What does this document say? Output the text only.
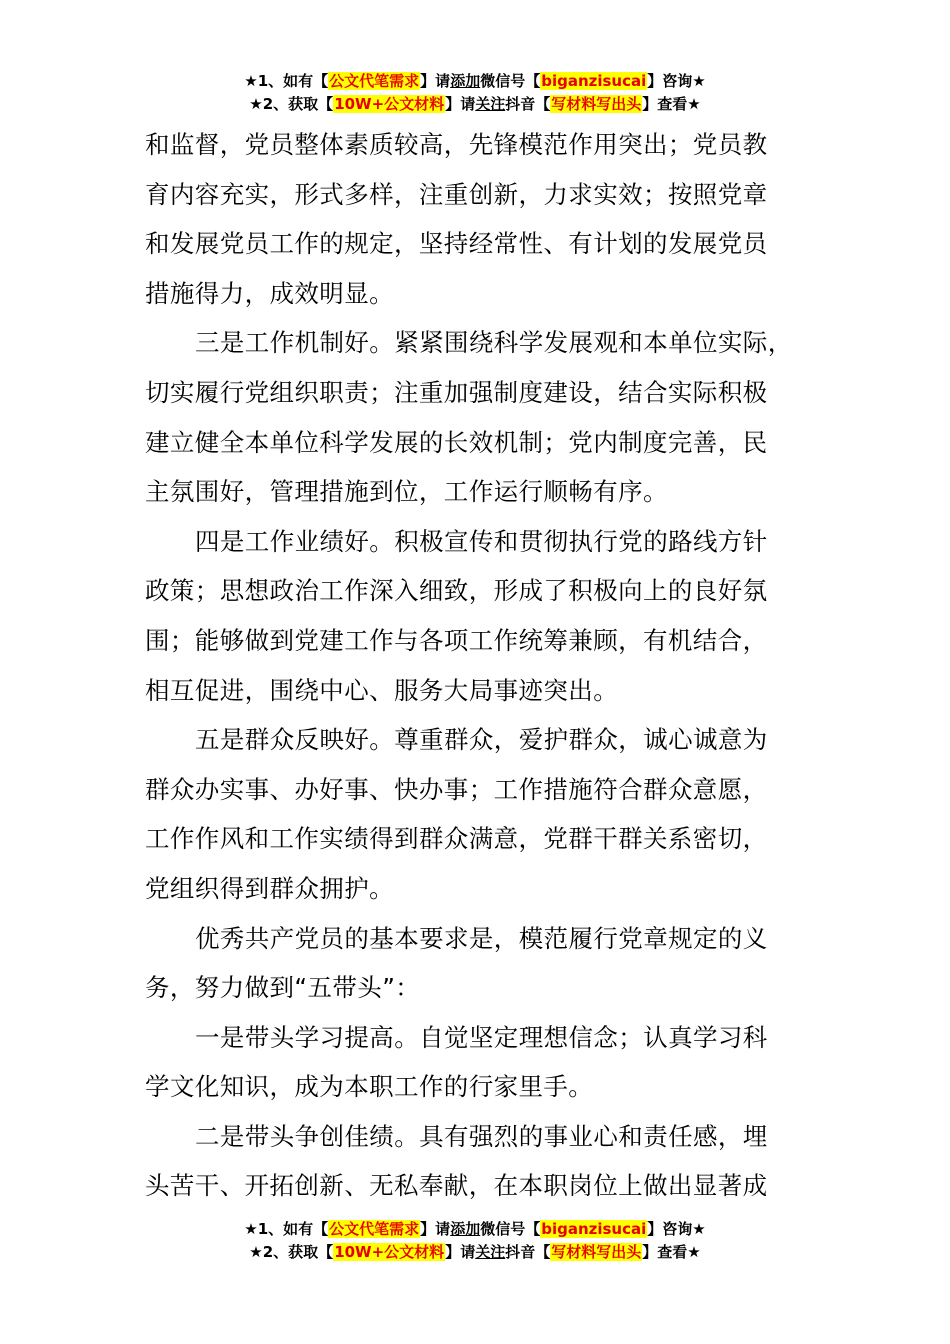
★1、如有【公文代笔需求】请添加微信号【biganzisucai】咨询★
★2、获取【10W+公文材料】请关注抖音【写材料写出头】查看★
和监督，党员整体素质较高，先锋模范作用突出；党员教
育内容充实，形式多样，注重创新，力求实效；按照党章
和发展党员工作的规定，坚持经常性、有计划的发展党员
措施得力，成效明显。
三是工作机制好。紧紧围绕科学发展观和本单位实际，
切实履行党组织职责；注重加强制度建设，结合实际积极
建立健全本单位科学发展的长效机制；党内制度完善，民
主氛围好，管理措施到位，工作运行顺畅有序。
四是工作业绩好。积极宣传和贯彻执行党的路线方针
政策；思想政治工作深入细致，形成了积极向上的良好氛
围；能够做到党建工作与各项工作统筹兼顾，有机结合，
相互促进，围绕中心、服务大局事迹突出。
五是群众反映好。尊重群众，爱护群众，诚心诚意为
群众办实事、办好事、快办事；工作措施符合群众意愿，
工作作风和工作实绩得到群众满意，党群干群关系密切，
党组织得到群众拥护。
优秀共产党员的基本要求是，模范履行党章规定的义
务，努力做到“五带头”：
一是带头学习提高。自觉坚定理想信念；认真学习科
学文化知识，成为本职工作的行家里手。
二是带头争创佳绩。具有强烈的事业心和责任感，埋
头苦干、开拓创新、无私奉献，在本职岗位上做出显著成
★1、如有【公文代笔需求】请添加微信号【biganzisucai】咨询★
★2、获取【10W+公文材料】请关注抖音【写材料写出头】查看★
